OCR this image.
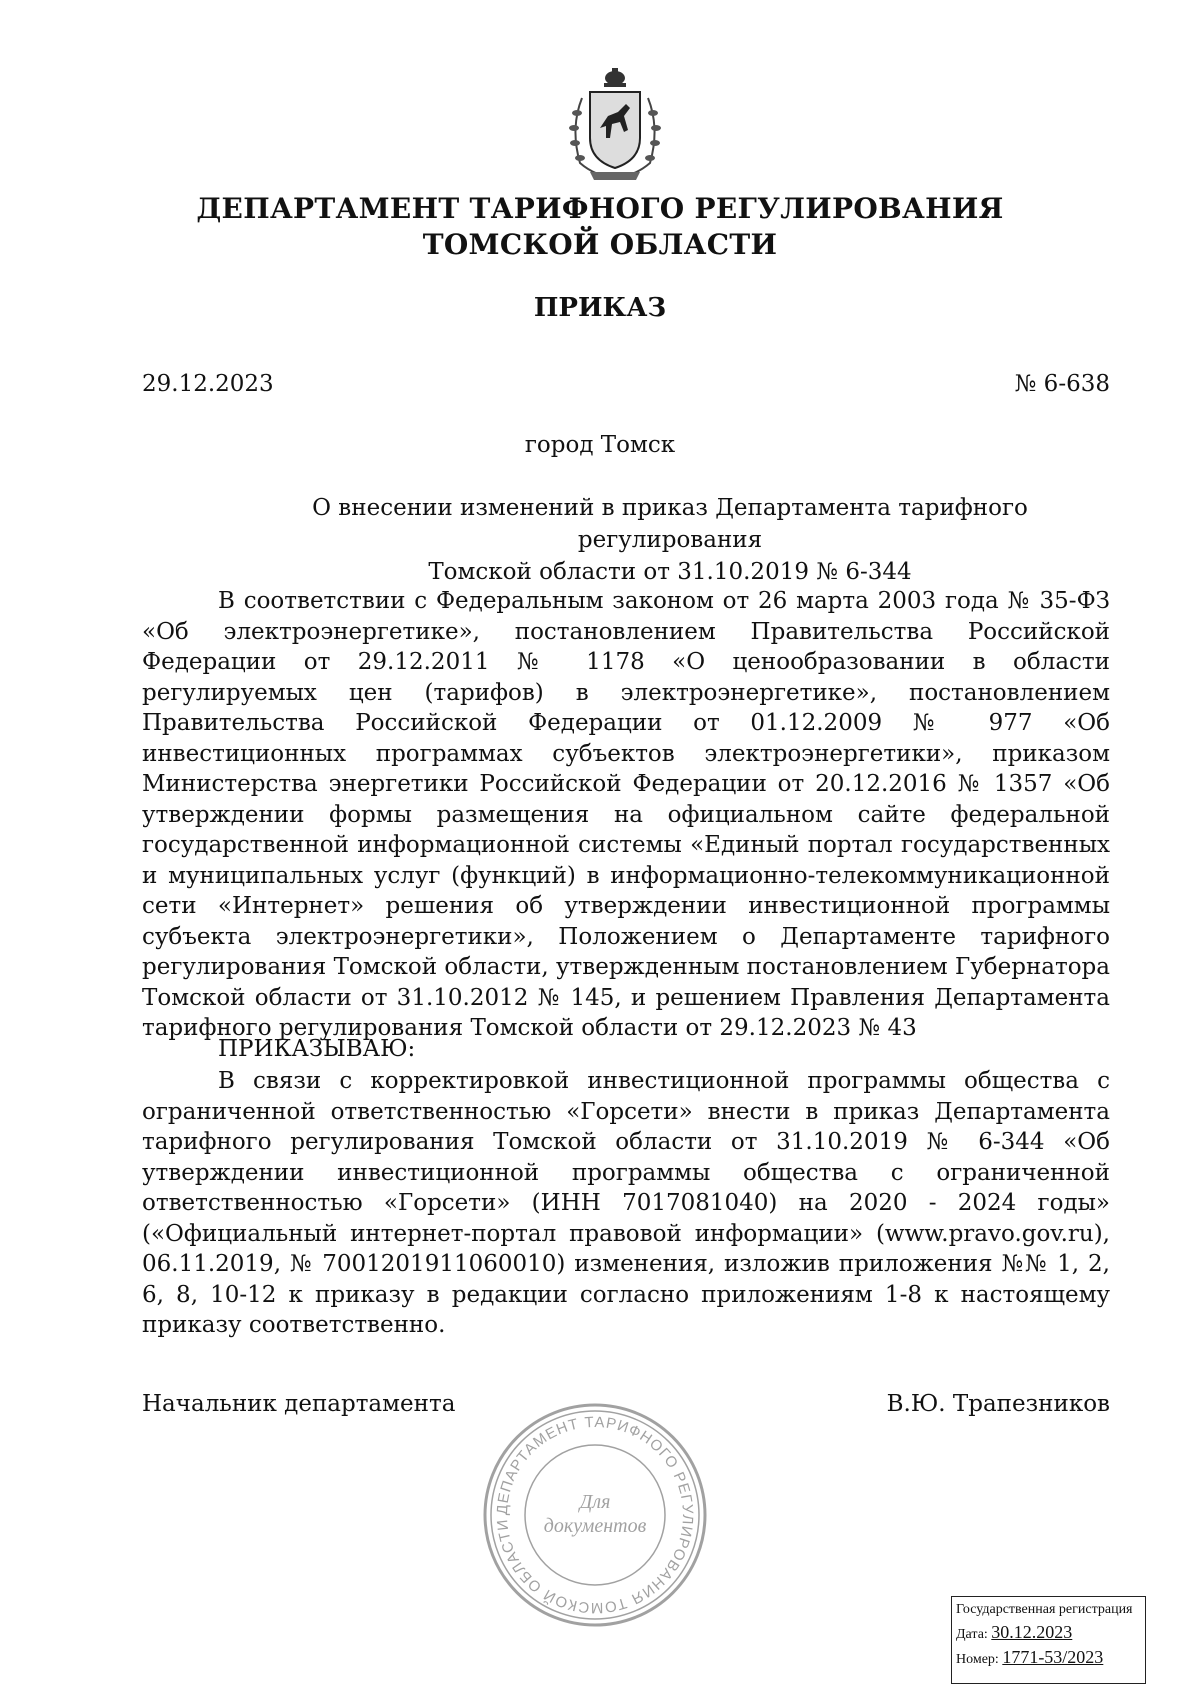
ДЕПАРТАМЕНТ ТАРИФНОГО РЕГУЛИРОВАНИЯ
ТОМСКОЙ ОБЛАСТИ
ПРИКАЗ
29.12.2023	№ 6-638
город Томск
О внесении изменений в приказ Департамента тарифного регулирования
Томской области от 31.10.2019 № 6-344
В соответствии с Федеральным законом от 26 марта 2003 года № 35-ФЗ «Об электроэнергетике», постановлением Правительства Российской Федерации от 29.12.2011 № 1178 «О ценообразовании в области регулируемых цен (тарифов) в электроэнергетике», постановлением Правительства Российской Федерации от 01.12.2009 № 977 «Об инвестиционных программах субъектов электроэнергетики», приказом Министерства энергетики Российской Федерации от 20.12.2016 № 1357 «Об утверждении формы размещения на официальном сайте федеральной государственной информационной системы «Единый портал государственных и муниципальных услуг (функций) в информационно-телекоммуникационной сети «Интернет» решения об утверждении инвестиционной программы субъекта электроэнергетики», Положением о Департаменте тарифного регулирования Томской области, утвержденным постановлением Губернатора Томской области от 31.10.2012 № 145, и решением Правления Департамента тарифного регулирования Томской области от 29.12.2023 № 43
ПРИКАЗЫВАЮ:
В связи с корректировкой инвестиционной программы общества с ограниченной ответственностью «Горсети» внести в приказ Департамента тарифного регулирования Томской области от 31.10.2019 № 6-344 «Об утверждении инвестиционной программы общества с ограниченной ответственностью «Горсети» (ИНН 7017081040) на 2020 - 2024 годы» («Официальный интернет-портал правовой информации» (www.pravo.gov.ru), 06.11.2019, № 7001201911060010) изменения, изложив приложения №№ 1, 2, 6, 8, 10-12 к приказу в редакции согласно приложениям 1-8 к настоящему приказу соответственно.
Начальник департамента	В.Ю. Трапезников
ДЕПАРТАМЕНТ ТАРИФНОГО РЕГУЛИРОВАНИЯ ТОМСКОЙ ОБЛАСТИ
Для
документов
Государственная регистрация
Дата: 30.12.2023
Номер: 1771-53/2023
